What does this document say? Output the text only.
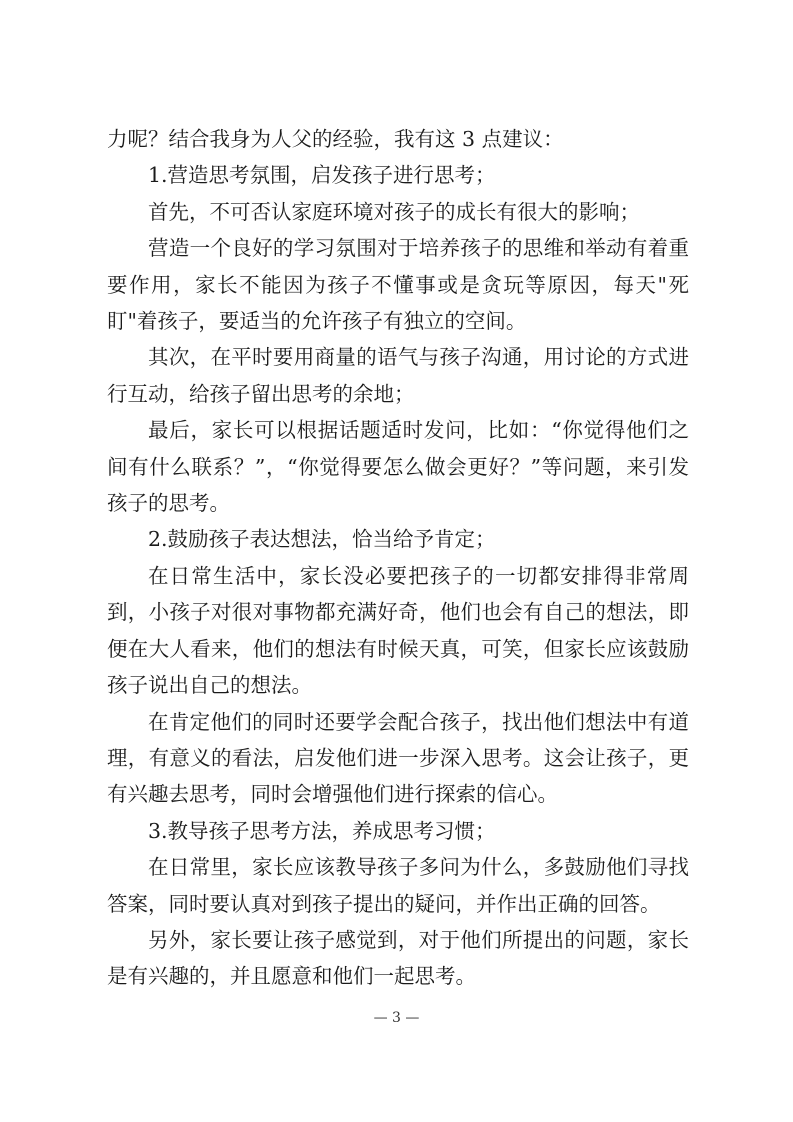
力呢？结合我身为人父的经验，我有这 3 点建议：

1.营造思考氛围，启发孩子进行思考；

首先，不可否认家庭环境对孩子的成长有很大的影响；

营造一个良好的学习氛围对于培养孩子的思维和举动有着重要作用，家长不能因为孩子不懂事或是贪玩等原因，每天"死盯"着孩子，要适当的允许孩子有独立的空间。

其次，在平时要用商量的语气与孩子沟通，用讨论的方式进行互动，给孩子留出思考的余地；

最后，家长可以根据话题适时发问，比如：“你觉得他们之间有什么联系？”，“你觉得要怎么做会更好？”等问题，来引发孩子的思考。

2.鼓励孩子表达想法，恰当给予肯定；

在日常生活中，家长没必要把孩子的一切都安排得非常周到，小孩子对很对事物都充满好奇，他们也会有自己的想法，即便在大人看来，他们的想法有时候天真，可笑，但家长应该鼓励孩子说出自己的想法。

在肯定他们的同时还要学会配合孩子，找出他们想法中有道理，有意义的看法，启发他们进一步深入思考。这会让孩子，更有兴趣去思考，同时会增强他们进行探索的信心。

3.教导孩子思考方法，养成思考习惯；

在日常里，家长应该教导孩子多问为什么，多鼓励他们寻找答案，同时要认真对到孩子提出的疑问，并作出正确的回答。

另外，家长要让孩子感觉到，对于他们所提出的问题，家长是有兴趣的，并且愿意和他们一起思考。

— 3 —
